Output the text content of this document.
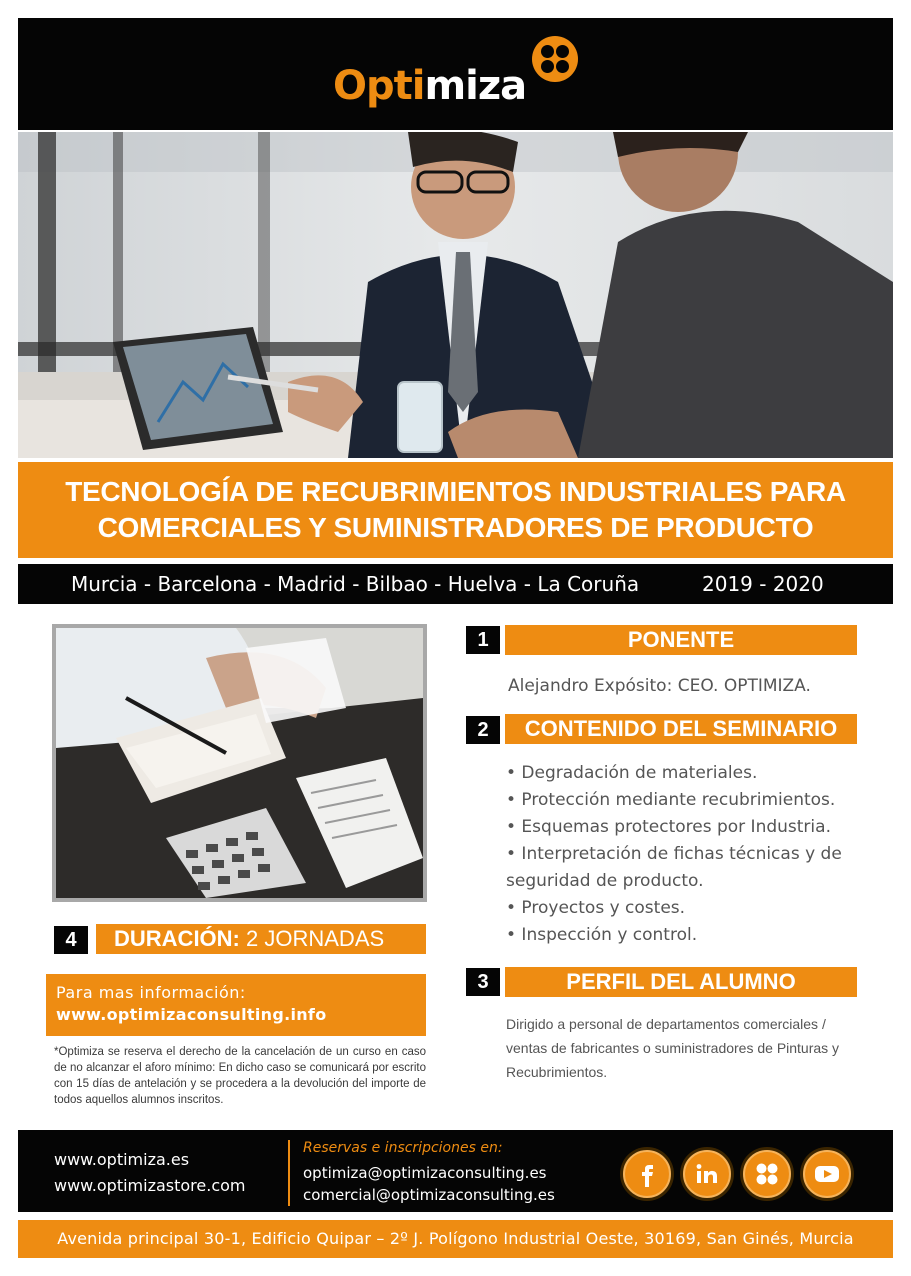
Optimiza
TECNOLOGÍA DE RECUBRIMIENTOS INDUSTRIALES PARA
COMERCIALES Y SUMINISTRADORES DE PRODUCTO
Murcia - Barcelona - Madrid - Bilbao - Huelva - La Coruña	2019 - 2020
1	PONENTE
Alejandro Expósito: CEO. OPTIMIZA.
2	CONTENIDO DEL SEMINARIO
• Degradación de materiales.
• Protección mediante recubrimientos.
• Esquemas protectores por Industria.
• Interpretación de fichas técnicas y de seguridad de producto.
• Proyectos y costes.
• Inspección y control.
3	PERFIL DEL ALUMNO
Dirigido a personal de departamentos comerciales / ventas de fabricantes o suministradores de Pinturas y Recubrimientos.
4	DURACIÓN: 2 JORNADAS
Para mas información:
www.optimizaconsulting.info
*Optimiza se reserva el derecho de la cancelación de un curso en caso de no alcanzar el aforo mínimo: En dicho caso se comunicará por escrito con 15 días de antelación y se procedera a la devolución del importe de todos aquellos alumnos inscritos.
www.optimiza.es
www.optimizastore.com
Reservas e inscripciones en:
optimiza@optimizaconsulting.es
comercial@optimizaconsulting.es
Avenida principal 30-1, Edificio Quipar – 2º J. Polígono Industrial Oeste, 30169, San Ginés, Murcia
